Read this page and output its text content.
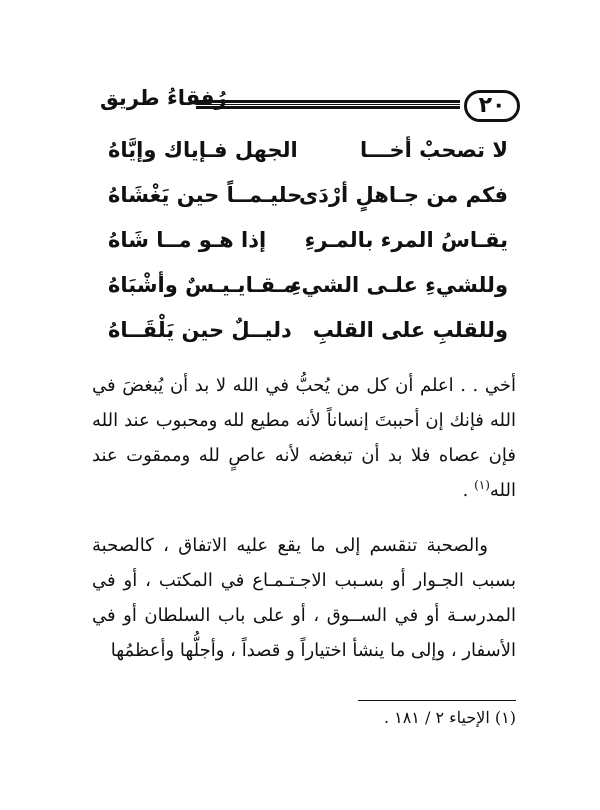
٢٠
رُفقاءُ طريق
لا تصحبْ أخـــا
الجهل فـإياك وإيَّاهُ
فكم من جـاهلٍ أرْدَى
حليـمــاً حين يَغْشَاهُ
يقـاسُ المرء بالمـرءِ
إذا هـو مــا شَاهُ
وللشيءِ علـى الشيءِ
مـقـايـيـسٌ وأشْبَاهُ
وللقلبِ على القلبِ
دليــلٌ حين يَلْقَــاهُ

أخي . . اعلم أن كل من يُحبُّ في الله لا بد أن يُبغضَ في الله فإنك إن أحببتَ إنساناً لأنه مطيع لله ومحبوب عند الله فإن عصاه فلا بد أن تبغضه لأنه عاصٍ لله وممقوت عند الله$^{(١)}$ .

والصحبة تنقسم إلى ما يقع عليه الاتفاق ، كالصحبة بسبب الجـوار أو بسـبب الاجـتـمـاع في المكتب ، أو في المدرسـة أو في الســوق ، أو على باب السلطان أو في الأسفار ، وإلى ما ينشأ اختياراً و قصداً ، وأجلُّها وأعظمُها

(١) الإحياء ٢ / ١٨١ .
